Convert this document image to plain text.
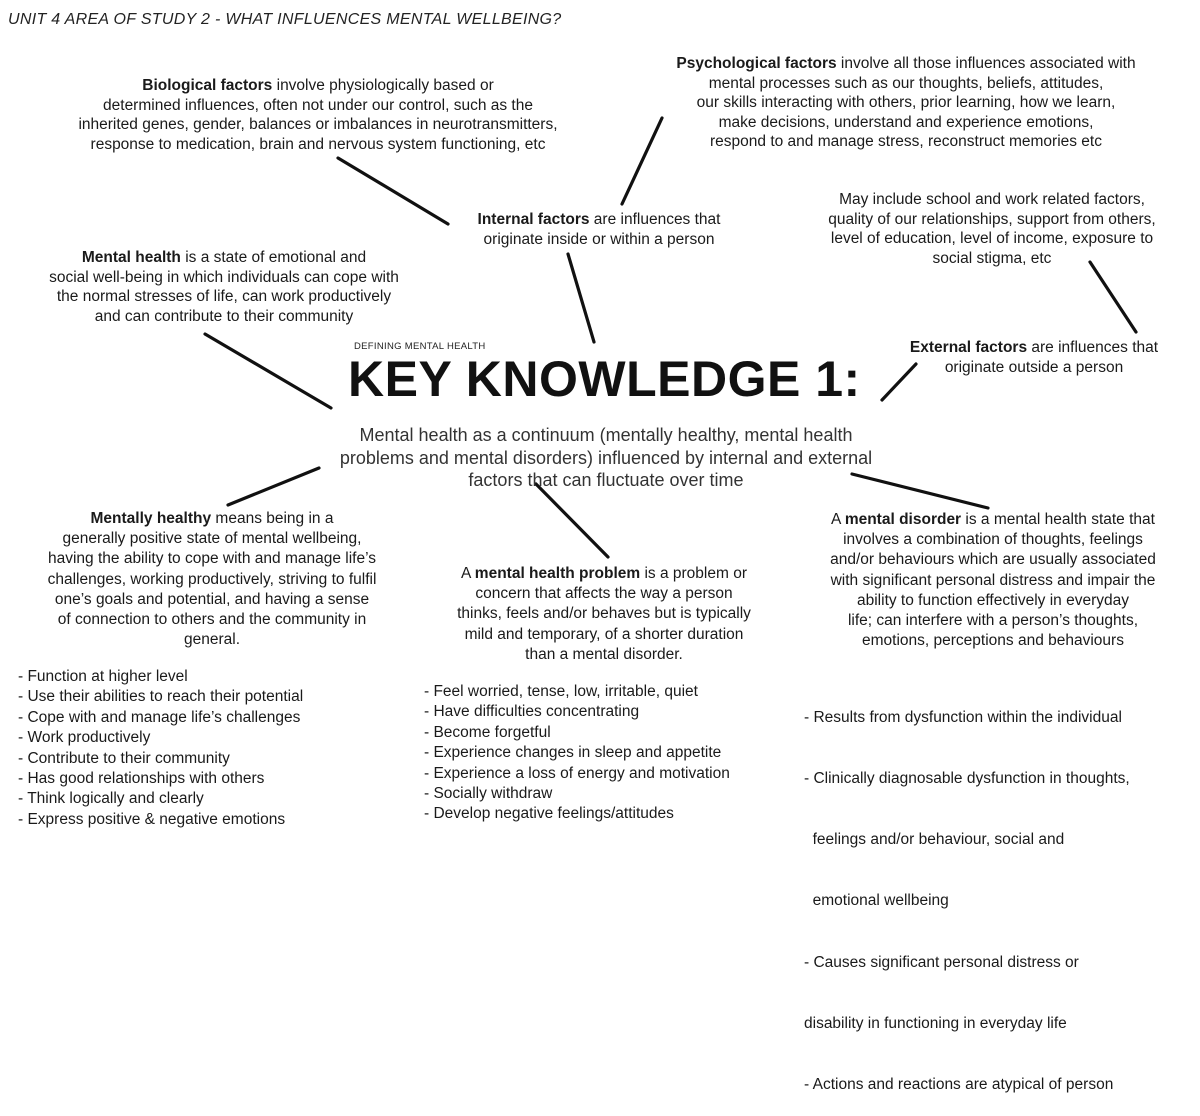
UNIT 4 AREA OF STUDY 2 - WHAT INFLUENCES MENTAL WELLBEING?
Biological factors involve physiologically based or
determined influences, often not under our control, such as the
inherited genes, gender, balances or imbalances in neurotransmitters,
response to medication, brain and nervous system functioning, etc
Psychological factors involve all those influences associated with
mental processes such as our thoughts, beliefs, attitudes,
our skills interacting with others, prior learning, how we learn,
make decisions, understand and experience emotions,
respond to and manage stress, reconstruct memories etc
Internal factors are influences that
originate inside or within a person
May include school and work related factors,
quality of our relationships, support from others,
level of education, level of income, exposure to
social stigma, etc
External factors are influences that
originate outside a person
Mental health is a state of emotional and
social well-being in which individuals can cope with
the normal stresses of life, can work productively
and can contribute to their community
DEFINING MENTAL HEALTH
KEY KNOWLEDGE 1:
Mental health as a continuum (mentally healthy, mental health
problems and mental disorders) influenced by internal and external
factors that can fluctuate over time
Mentally healthy means being in a
generally positive state of mental wellbeing,
having the ability to cope with and manage life’s
challenges, working productively, striving to fulfil
one’s goals and potential, and having a sense
of connection to others and the community in
general.
- Function at higher level
- Use their abilities to reach their potential
- Cope with and manage life’s challenges
- Work productively
- Contribute to their community
- Has good relationships with others
- Think logically and clearly
- Express positive & negative emotions
A mental health problem is a problem or
concern that affects the way a person
thinks, feels and/or behaves but is typically
mild and temporary, of a shorter duration
than a mental disorder.
- Feel worried, tense, low, irritable, quiet
- Have difficulties concentrating
- Become forgetful
- Experience changes in sleep and appetite
- Experience a loss of energy and motivation
- Socially withdraw
- Develop negative feelings/attitudes
A mental disorder is a mental health state that
involves a combination of thoughts, feelings
and/or behaviours which are usually associated
with significant personal distress and impair the
ability to function effectively in everyday
life; can interfere with a person’s thoughts,
emotions, perceptions and behaviours

- Results from dysfunction within the individual

- Clinically diagnosable dysfunction in thoughts,

feelings and/or behaviour, social and

emotional wellbeing

- Causes significant personal distress or

disability in functioning in everyday life

- Actions and reactions are atypical of person
